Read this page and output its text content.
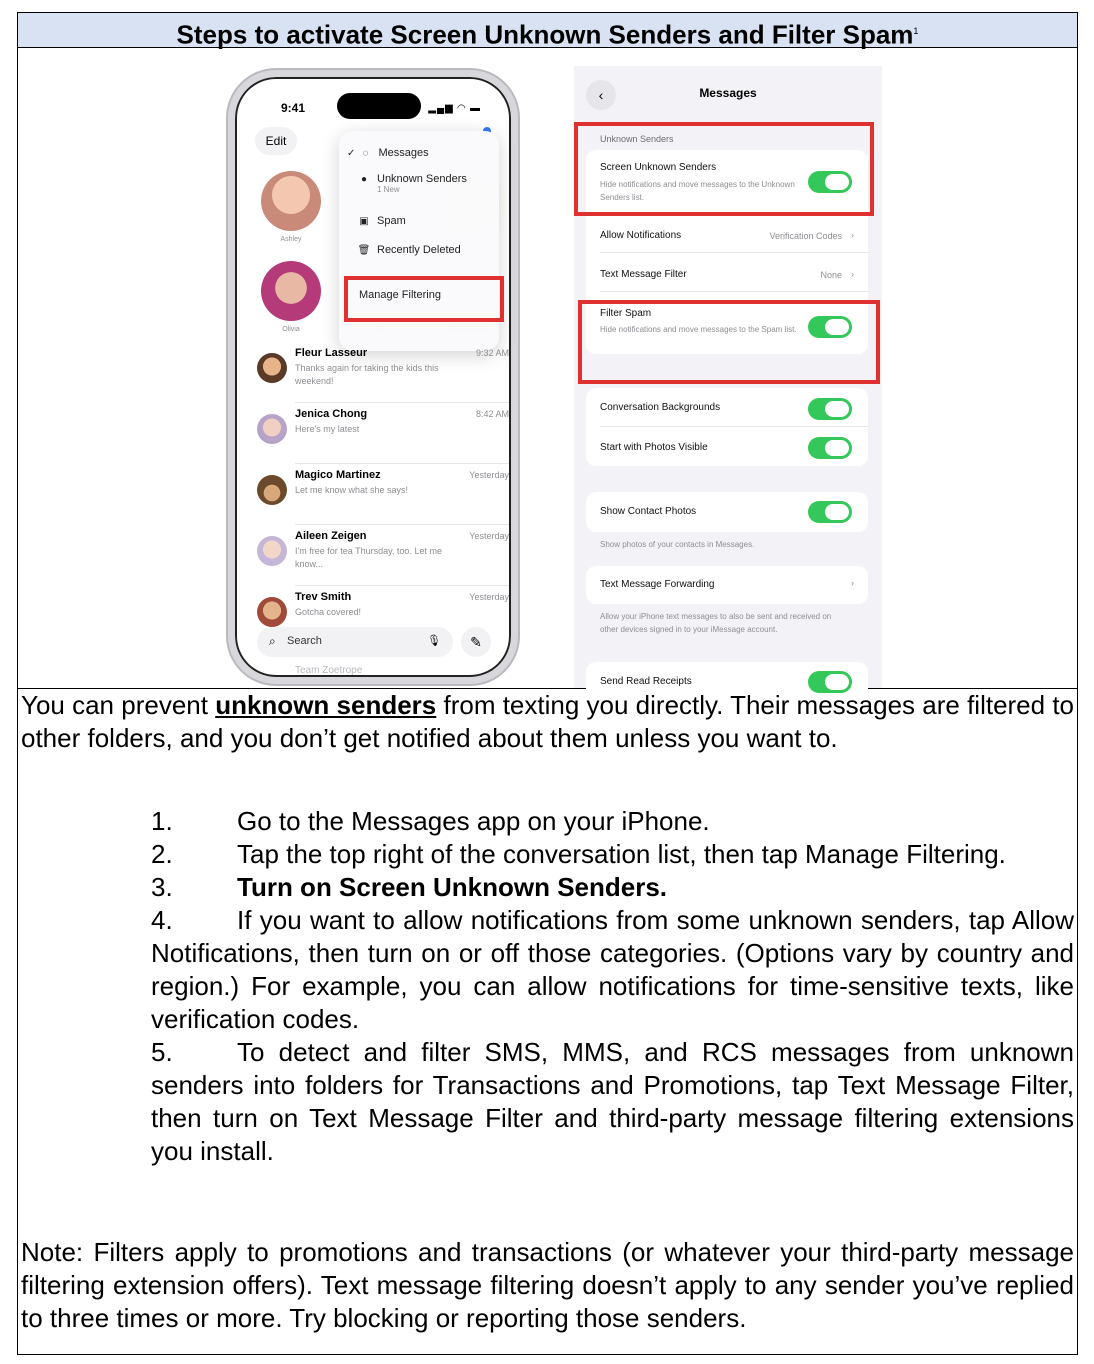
Steps to activate Screen Unknown Senders and Filter Spam$^1$
9:41	▂▄▆ ◠ ▬
Edit
Ashley
Olivia
✓ ◌ Messages
● Unknown Senders
1 New
▣ Spam
🗑 Recently Deleted
Manage Filtering
Fleur Lasseur	9:32 AM
Thanks again for taking the kids this weekend!
Jenica Chong	8:42 AM
Here's my latest
Magico Martinez	Yesterday
Let me know what she says!
Aileen Zeigen	Yesterday
I'm free for tea Thursday, too. Let me know...
Trev Smith	Yesterday
Gotcha covered!
⌕ Search	🎙	✎
Team Zoetrope
‹	Messages
Unknown Senders
Screen Unknown Senders
Hide notifications and move messages to the Unknown Senders list.
Allow Notifications	Verification Codes ›
Text Message Filter	None ›
Filter Spam
Hide notifications and move messages to the Spam list.
Conversation Backgrounds
Start with Photos Visible
Show Contact Photos
Show photos of your contacts in Messages.
Text Message Forwarding	›
Allow your iPhone text messages to also be sent and received on other devices signed in to your iMessage account.
Send Read Receipts
You can prevent unknown senders from texting you directly. Their messages are filtered to other folders, and you don’t get notified about them unless you want to.
1. Go to the Messages app on your iPhone.
2. Tap the top right of the conversation list, then tap Manage Filtering.
3. Turn on Screen Unknown Senders.
4. If you want to allow notifications from some unknown senders, tap Allow Notifications, then turn on or off those categories. (Options vary by country and region.) For example, you can allow notifications for time-sensitive texts, like verification codes.
5. To detect and filter SMS, MMS, and RCS messages from unknown senders into folders for Transactions and Promotions, tap Text Message Filter, then turn on Text Message Filter and third-party message filtering extensions you install.
Note: Filters apply to promotions and transactions (or whatever your third-party message filtering extension offers). Text message filtering doesn’t apply to any sender you’ve replied to three times or more. Try blocking or reporting those senders.
